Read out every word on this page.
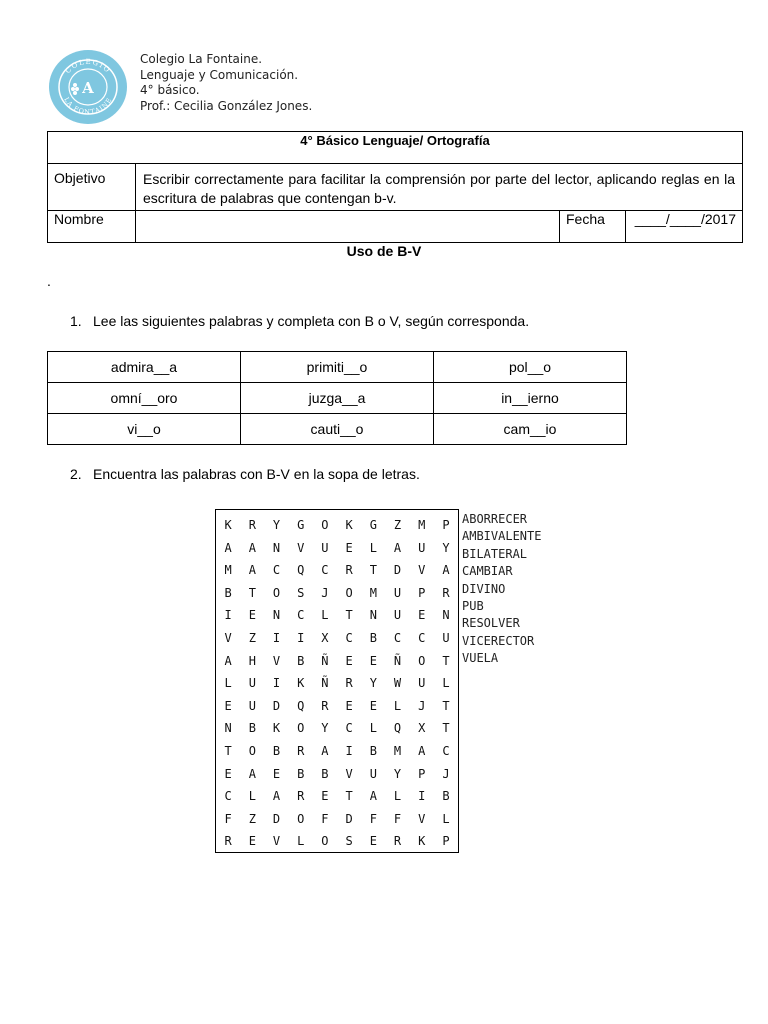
COLEGIO
LA FONTAINE
A
Colegio La Fontaine.
Lenguaje y Comunicación.
4° básico.
Prof.: Cecilia González Jones.
4° Básico Lenguaje/ Ortografía			
Objetivo	Escribir correctamente para facilitar la comprensión por parte del lector, aplicando reglas en la escritura de palabras que contengan b-v.		
Nombre		Fecha	____/____/2017
Uso de B-V
.
1. Lee las siguientes palabras y completa con B o V, según corresponda.
admira__a	primiti__o	pol__o
omní__oro	juzga__a	in__ierno
vi__o	cauti__o	cam__io
2. Encuentra las palabras con B-V en la sopa de letras.
K	R	Y	G	O	K	G	Z	M	P
A	A	N	V	U	E	L	A	U	Y
M	A	C	Q	C	R	T	D	V	A
B	T	O	S	J	O	M	U	P	R
I	E	N	C	L	T	N	U	E	N
V	Z	I	I	X	C	B	C	C	U
A	H	V	B	Ñ	E	E	Ñ	O	T
L	U	I	K	Ñ	R	Y	W	U	L
E	U	D	Q	R	E	E	L	J	T
N	B	K	O	Y	C	L	Q	X	T
T	O	B	R	A	I	B	M	A	C
E	A	E	B	B	V	U	Y	P	J
C	L	A	R	E	T	A	L	I	B
F	Z	D	O	F	D	F	F	V	L
R	E	V	L	O	S	E	R	K	P
ABORRECER
AMBIVALENTE
BILATERAL
CAMBIAR
DIVINO
PUB
RESOLVER
VICERECTOR
VUELA
